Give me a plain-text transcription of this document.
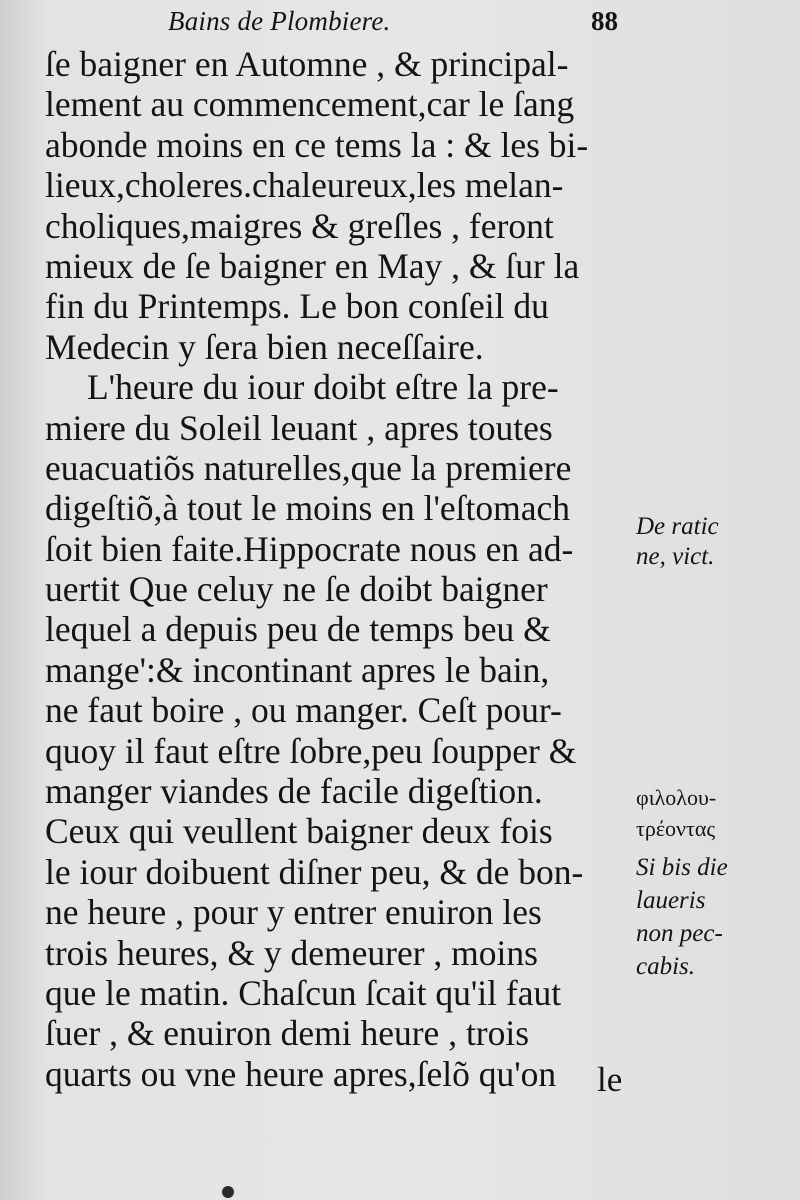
Bains de Plombiere.	88
ſe baigner en Automne , & principal-
lement au commencement,car le ſang
abonde moins en ce tems la : & les bi-
lieux,choleres.chaleureux,les melan-
choliques,maigres & greſles , feront
mieux de ſe baigner en May , & ſur la
fin du Printemps. Le bon conſeil du
Medecin y ſera bien neceſſaire.
L'heure du iour doibt eſtre la pre-
miere du Soleil leuant , apres toutes
euacuatiõs naturelles,que la premiere
digeſtiõ,à tout le moins en l'eſtomach
ſoit bien faite.Hippocrate nous en ad-
uertit Que celuy ne ſe doibt baigner
lequel a depuis peu de temps beu &
mange':& incontinant apres le bain,
ne faut boire , ou manger. Ceſt pour-
quoy il faut eſtre ſobre,peu ſoupper &
manger viandes de facile digeſtion.
Ceux qui veullent baigner deux fois
le iour doibuent diſner peu, & de bon-
ne heure , pour y entrer enuiron les
trois heures, & y demeurer , moins
que le matin. Chaſcun ſcait qu'il faut
ſuer , & enuiron demi heure , trois
quarts ou vne heure apres,ſelõ qu'on	le
De ratic
ne, vict.
φιλολου-
τρέοντας
Si bis die
laueris
non pec-
cabis.
